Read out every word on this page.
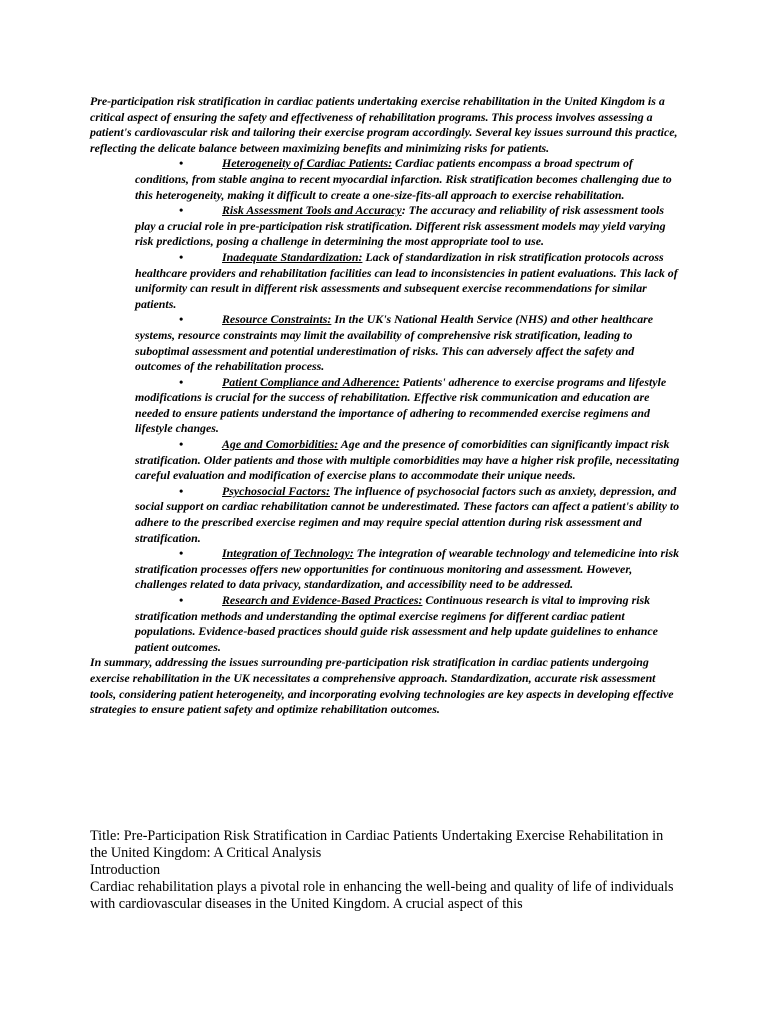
Pre-participation risk stratification in cardiac patients undertaking exercise rehabilitation in the United Kingdom is a critical aspect of ensuring the safety and effectiveness of rehabilitation programs. This process involves assessing a patient's cardiovascular risk and tailoring their exercise program accordingly. Several key issues surround this practice, reflecting the delicate balance between maximizing benefits and minimizing risks for patients.

•	Heterogeneity of Cardiac Patients: Cardiac patients encompass a broad spectrum of conditions, from stable angina to recent myocardial infarction. Risk stratification becomes challenging due to this heterogeneity, making it difficult to create a one-size-fits-all approach to exercise rehabilitation.
•	Risk Assessment Tools and Accuracy: The accuracy and reliability of risk assessment tools play a crucial role in pre-participation risk stratification. Different risk assessment models may yield varying risk predictions, posing a challenge in determining the most appropriate tool to use.
•	Inadequate Standardization: Lack of standardization in risk stratification protocols across healthcare providers and rehabilitation facilities can lead to inconsistencies in patient evaluations. This lack of uniformity can result in different risk assessments and subsequent exercise recommendations for similar patients.
•	Resource Constraints: In the UK's National Health Service (NHS) and other healthcare systems, resource constraints may limit the availability of comprehensive risk stratification, leading to suboptimal assessment and potential underestimation of risks. This can adversely affect the safety and outcomes of the rehabilitation process.
•	Patient Compliance and Adherence: Patients' adherence to exercise programs and lifestyle modifications is crucial for the success of rehabilitation. Effective risk communication and education are needed to ensure patients understand the importance of adhering to recommended exercise regimens and lifestyle changes.
•	Age and Comorbidities: Age and the presence of comorbidities can significantly impact risk stratification. Older patients and those with multiple comorbidities may have a higher risk profile, necessitating careful evaluation and modification of exercise plans to accommodate their unique needs.
•	Psychosocial Factors: The influence of psychosocial factors such as anxiety, depression, and social support on cardiac rehabilitation cannot be underestimated. These factors can affect a patient's ability to adhere to the prescribed exercise regimen and may require special attention during risk assessment and stratification.
•	Integration of Technology: The integration of wearable technology and telemedicine into risk stratification processes offers new opportunities for continuous monitoring and assessment. However, challenges related to data privacy, standardization, and accessibility need to be addressed.
•	Research and Evidence-Based Practices: Continuous research is vital to improving risk stratification methods and understanding the optimal exercise regimens for different cardiac patient populations. Evidence-based practices should guide risk assessment and help update guidelines to enhance patient outcomes.

In summary, addressing the issues surrounding pre-participation risk stratification in cardiac patients undergoing exercise rehabilitation in the UK necessitates a comprehensive approach. Standardization, accurate risk assessment tools, considering patient heterogeneity, and incorporating evolving technologies are key aspects in developing effective strategies to ensure patient safety and optimize rehabilitation outcomes.

Title: Pre-Participation Risk Stratification in Cardiac Patients Undertaking Exercise Rehabilitation in the United Kingdom: A Critical Analysis

Introduction

Cardiac rehabilitation plays a pivotal role in enhancing the well-being and quality of life of individuals with cardiovascular diseases in the United Kingdom. A crucial aspect of this
